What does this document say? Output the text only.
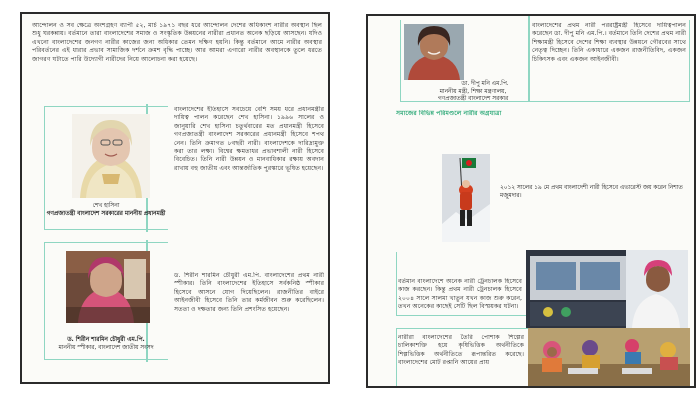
আন্দোলন ও সব ক্ষেত্রে অংশগ্রহণ ব্যাপী ৫২, মার্চ ১৯৭১ বছর ধরে আন্দোলন দেশের অধিকাংশ নারীর অবস্থান ছিল শুধু ঘরকন্নায়। বর্তমানে তারা বাংলাদেশের সমাজ ও সংস্কৃতিক উন্নয়নের নারীরা প্রধানত অনেক ছড়িয়ে আসছেন। যদিও এখনো বাংলাদেশের জনগণ নারীর কাজের জন্য অধিকার তেমন দক্ষিণ হয়নি। কিন্তু বর্তমানে আমে নারীর অবস্থার পরিবর্তনের এই ধারার প্রভাব সামাজিক দর্শনে ক্রমশ বৃদ্ধি পাচ্ছে। আর আমরা এগারো নারীর অবস্থানকে তুলে ধরতে জাগরণ ঘটাতে পারি উদ্যোগী নারীদের নিয়ে আলোচনা করা হয়েছে।
শেখ হাসিনা
গণপ্রজাতন্ত্রী বাংলাদেশ সরকারের মাননীয় প্রধানমন্ত্রী
বাংলাদেশের ইতিহাসে সবচেয়ে বেশি সময় ধরে প্রধানমন্ত্রীর দায়িত্ব পালন করেছেন শেখ হাসিনা। ১৯৯৬ সালের ও জানুয়ারি শেখ হাসিনা চতুর্থবারের মত প্রধানমন্ত্রী হিসেবে গণপ্রজাতন্ত্রী বাংলাদেশ সরকারের প্রধানমন্ত্রী হিসেবে শপথ নেন। তিনি ক্রমাগত ৮বছরী নারী। বাংলাদেশকে দারিদ্র্যমুক্ত করা তার লক্ষ্য। বিশ্বের ক্ষমতাধর প্রভাবশালী নারী হিসেবে বিবেচিত। তিনি নারী উন্নয়ন ও মানবাধিকার রক্ষায় অবদান রাখায় বহু জাতীয় এবং আন্তর্জাতিক পুরস্কারে ভূষিত হয়েছেন।
ড. শিরীন শারমিন চৌধুরী এম.পি.
মাননীয় স্পীকার, বাংলাদেশ জাতীয় সংসদ
ড. শিরীন শারমিন চৌধুরী এম.পি. বাংলাদেশের প্রথম নারী স্পীকার। তিনি বাংলাদেশের ইতিহাসে সর্বকনিষ্ঠ স্পীকার হিসেবে আসনে যোগ দিয়েছিলেন। রাজনীতির বাইরে আইনজীবী হিসেবে তিনি তার কর্মজীবন শুরু করেছিলেন। সততা ও দক্ষতার জন্য তিনি প্রশংসিত হয়েছেন।
ডা. দীপু মনি এম.পি.
মাননীয় মন্ত্রী, শিক্ষা মন্ত্রণালয়,
গণপ্রজাতন্ত্রী বাংলাদেশ সরকার
বাংলাদেশের প্রথম নারী পররাষ্ট্রমন্ত্রী হিসেবে দায়িত্বপালন করেছেন ডা. দীপু মনি এম.পি.। বর্তমানে তিনি দেশের প্রথম নারী শিক্ষামন্ত্রী হিসেবে দেশের শিক্ষা ব্যবস্থার উন্নয়নে গৌরবের সাথে নেতৃত্ব দিচ্ছেন। তিনি একাধারে একজন রাজনীতিবিদ, একজন চিকিৎসক এবং একজন আইনজীবী।
সমাজের বিভিন্ন পরিমণ্ডলে নারীর অগ্রযাত্রা
২০১২ সালের ১৯ মে প্রথম বাংলাদেশী নারী হিসেবে এভারেস্ট জয় করেন নিশাত মজুমদার।
বর্তমান বাংলাদেশে অনেক নারী ট্রেনচালক হিসেবে কাজ করছেন। কিন্তু প্রথম নারী ট্রেনচালক হিসেবে ২০০৪ সালে সালমা খাতুন যখন কাজ শুরু করেন, তখন অনেকের কাছেই সেটি ছিল বিস্ময়কর ঘটনা।
নারীরা বাংলাদেশের তৈরি পোশাক শিল্পের চালিকাশক্তি হয়ে কৃষিভিত্তিক অর্থনীতিকে শিল্পভিত্তিক অর্থনীতিতে রূপান্তরিত করেছে। বাংলাদেশের মোট রপ্তানি আয়ের প্রায়
